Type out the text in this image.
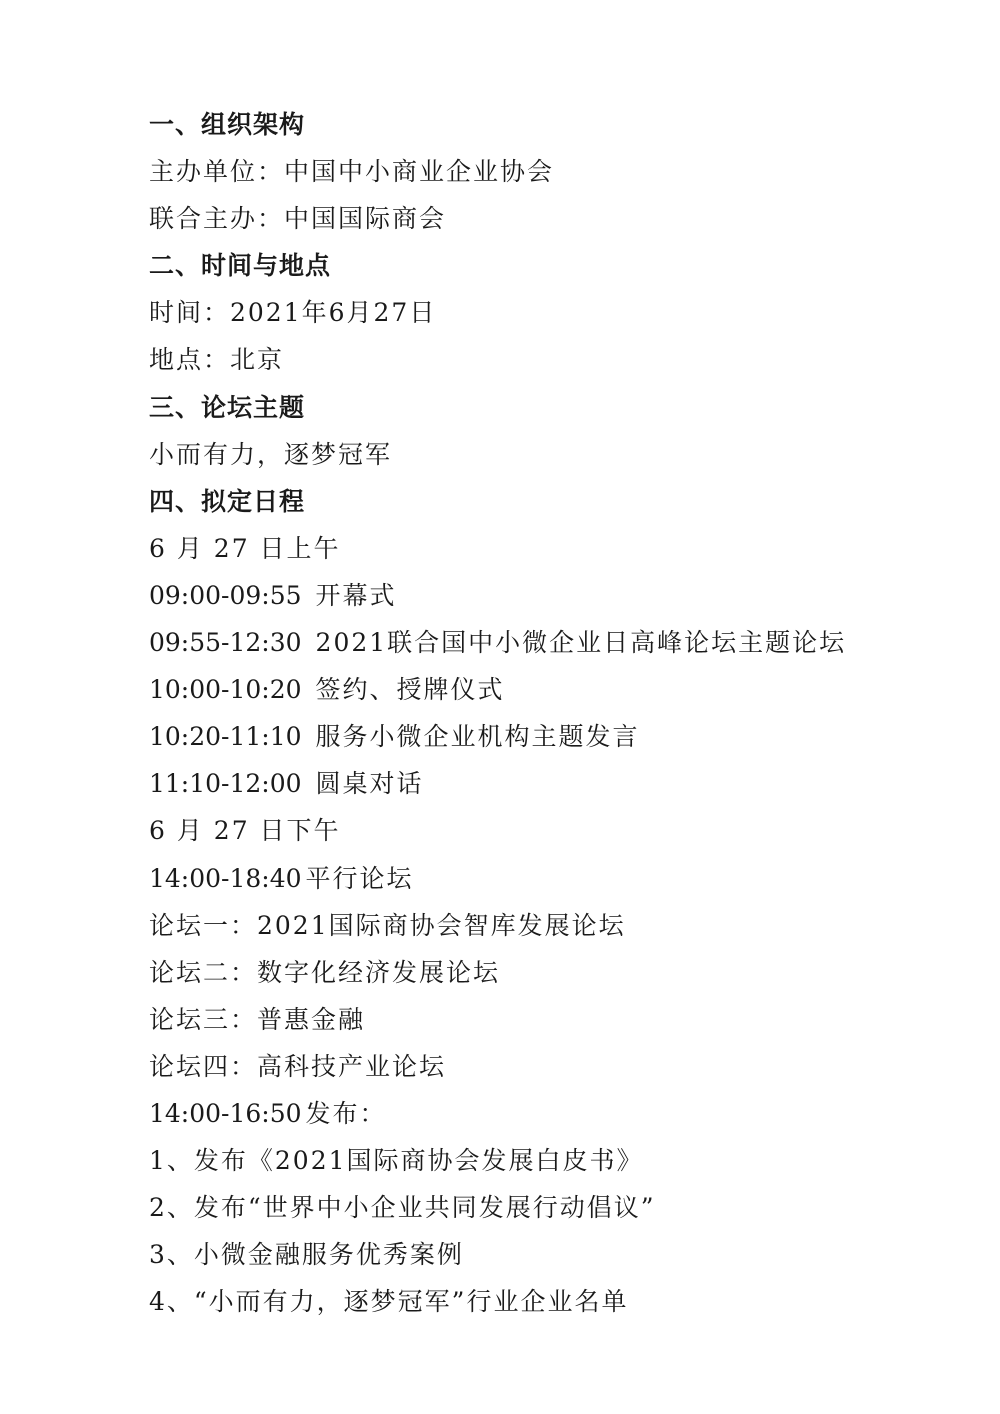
一、组织架构
主办单位：中国中小商业企业协会
联合主办：中国国际商会
二、时间与地点
时间：2021年6月27日
地点：北京
三、论坛主题
小而有力，逐梦冠军
四、拟定日程
6 月 27 日上午
09:00-09:55 开幕式
09:55-12:30 2021联合国中小微企业日高峰论坛主题论坛
10:00-10:20 签约、授牌仪式
10:20-11:10 服务小微企业机构主题发言
11:10-12:00 圆桌对话
6 月 27 日下午
14:00-18:40 平行论坛
论坛一：2021国际商协会智库发展论坛
论坛二：数字化经济发展论坛
论坛三：普惠金融
论坛四：高科技产业论坛
14:00-16:50 发布：
1、发布《2021国际商协会发展白皮书》
2、发布“世界中小企业共同发展行动倡议”
3、小微金融服务优秀案例
4、“小而有力，逐梦冠军”行业企业名单
